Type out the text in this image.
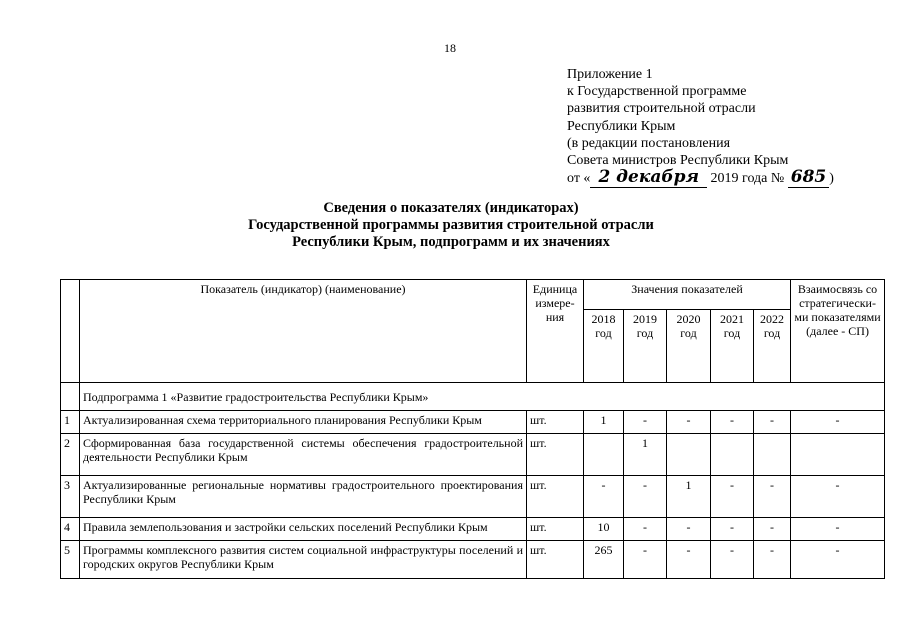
18
Приложение 1
к Государственной программе
развития строительной отрасли
Республики Крым
(в редакции постановления
Совета министров Республики Крым
от « 2 декабря 2019 года № 685 )
Сведения о показателях (индикаторах)
Государственной программы развития строительной отрасли
Республики Крым, подпрограмм и их значениях
	Показатель (индикатор) (наименование)	Единица измере-ния	Значения показателей					Взаимосвязь со стратегически-ми показателями (далее - СП)
			2018 год	2019 год	2020 год	2021 год	2022 год	
	Подпрограмма 1 «Развитие градостроительства Республики Крым»							
1	Актуализированная схема территориального планирования Республики Крым	шт.	1	-	-	-	-	-
2	Сформированная база государственной системы обеспечения градостроительной деятельности Республики Крым	шт.		1				
3	Актуализированные региональные нормативы градостроительного проектирования Республики Крым	шт.	-	-	1	-	-	-
4	Правила землепользования и застройки сельских поселений Республики Крым	шт.	10	-	-	-	-	-
5	Программы комплексного развития систем социальной инфраструктуры поселений и городских округов Республики Крым	шт.	265	-	-	-	-	-
